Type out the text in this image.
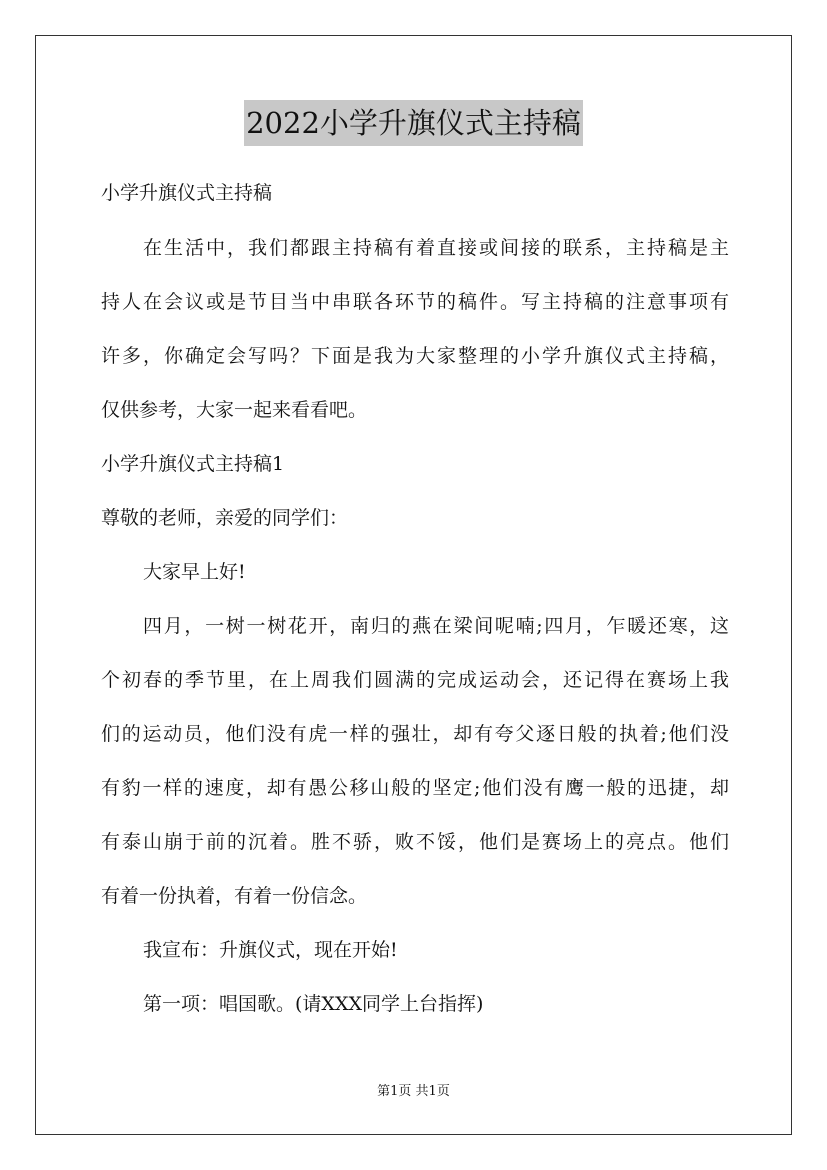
2022小学升旗仪式主持稿
小学升旗仪式主持稿
在生活中，我们都跟主持稿有着直接或间接的联系，主持稿是主
持人在会议或是节目当中串联各环节的稿件。写主持稿的注意事项有
许多，你确定会写吗？下面是我为大家整理的小学升旗仪式主持稿，
仅供参考，大家一起来看看吧。
小学升旗仪式主持稿1
尊敬的老师，亲爱的同学们：
大家早上好!
四月，一树一树花开，南归的燕在梁间呢喃;四月，乍暖还寒，这
个初春的季节里，在上周我们圆满的完成运动会，还记得在赛场上我
们的运动员，他们没有虎一样的强壮，却有夸父逐日般的执着;他们没
有豹一样的速度，却有愚公移山般的坚定;他们没有鹰一般的迅捷，却
有泰山崩于前的沉着。胜不骄，败不馁，他们是赛场上的亮点。他们
有着一份执着，有着一份信念。
我宣布：升旗仪式，现在开始!
第一项：唱国歌。(请XXX同学上台指挥)
第1页 共1页
